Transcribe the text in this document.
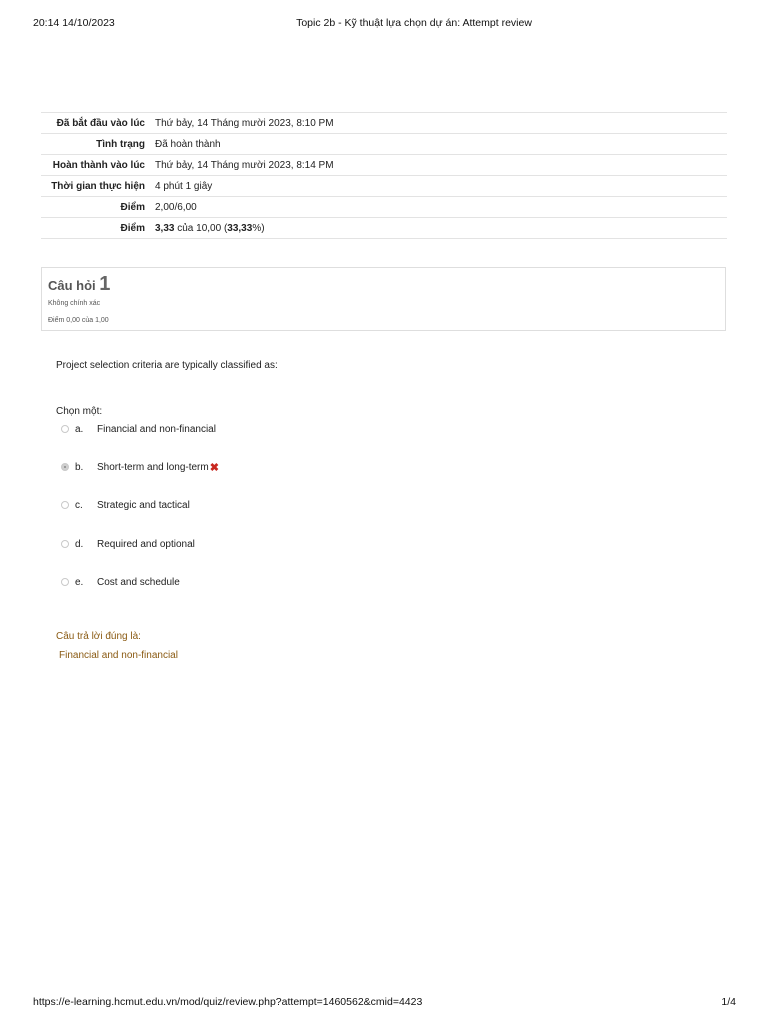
20:14 14/10/2023	Topic 2b - Kỹ thuật lựa chọn dự án: Attempt review
Đã bắt đầu vào lúc	Thứ bảy, 14 Tháng mười 2023, 8:10 PM
Tình trạng	Đã hoàn thành
Hoàn thành vào lúc	Thứ bảy, 14 Tháng mười 2023, 8:14 PM
Thời gian thực hiện	4 phút 1 giây
Điểm	2,00/6,00
Điểm	3,33 của 10,00 (33,33%)
Câu hỏi 1
Không chính xác
Điểm 0,00 của 1,00
Project selection criteria are typically classified as:
Chọn một:
a.	Financial and non-financial
b.	Short-term and long-term ✖
c.	Strategic and tactical
d.	Required and optional
e.	Cost and schedule
Câu trả lời đúng là:
Financial and non-financial
https://e-learning.hcmut.edu.vn/mod/quiz/review.php?attempt=1460562&cmid=4423	1/4
